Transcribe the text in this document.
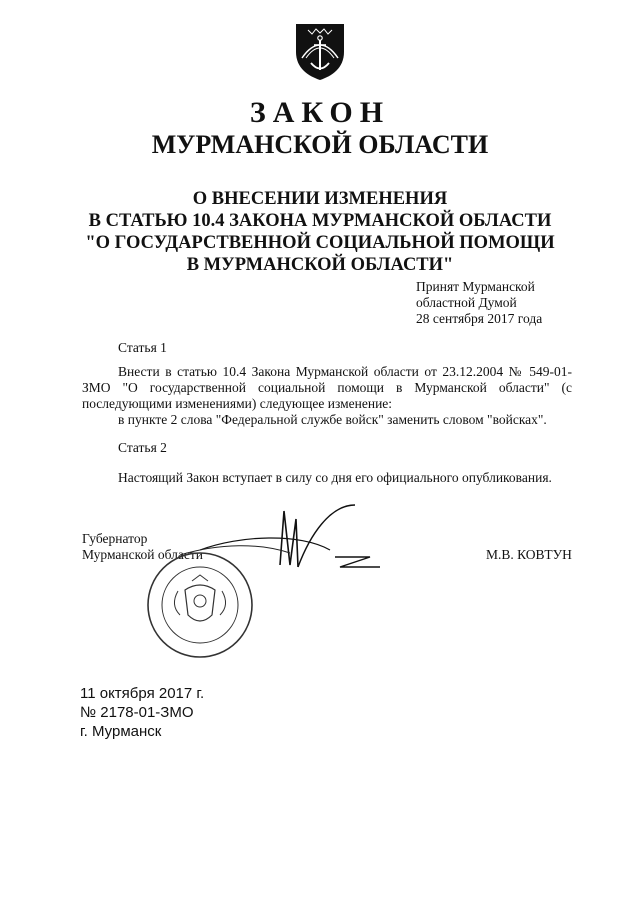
ЗАКОН
МУРМАНСКОЙ ОБЛАСТИ
О ВНЕСЕНИИ ИЗМЕНЕНИЯ
В СТАТЬЮ 10.4 ЗАКОНА МУРМАНСКОЙ ОБЛАСТИ
"О ГОСУДАРСТВЕННОЙ СОЦИАЛЬНОЙ ПОМОЩИ
В МУРМАНСКОЙ ОБЛАСТИ"
Принят Мурманской
областной Думой
28 сентября 2017 года
Статья 1
Внести в статью 10.4 Закона Мурманской области от 23.12.2004 № 549-01-ЗМО "О государственной социальной помощи в Мурманской области" (с последующими изменениями) следующее изменение:
в пункте 2 слова "Федеральной службе войск" заменить словом "войсках".
Статья 2
Настоящий Закон вступает в силу со дня его официального опубликования.
Губернатор
Мурманской области	М.В. КОВТУН
11 октября 2017 г.
№ 2178-01-ЗМО
г. Мурманск
